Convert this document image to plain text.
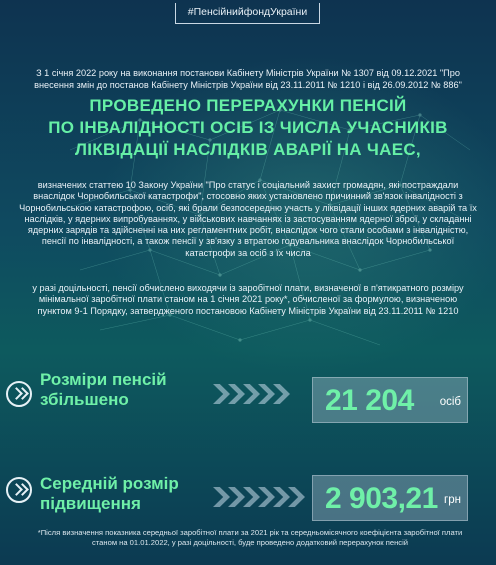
#ПенсійнийфондУкраїни
З 1 січня 2022 року на виконання постанови Кабінету Міністрів України № 1307 від 09.12.2021 "Про внесення змін до постанов Кабінету Міністрів України від 23.11.2011 № 1210 і від 26.09.2012 № 886"
ПРОВЕДЕНО ПЕРЕРАХУНКИ ПЕНСІЙ
ПО ІНВАЛІДНОСТІ ОСІБ ІЗ ЧИСЛА УЧАСНИКІВ
ЛІКВІДАЦІЇ НАСЛІДКІВ АВАРІЇ НА ЧАЕС,
визначених статтею 10 Закону України "Про статус і соціальний захист громадян, які постраждали внаслідок Чорнобильської катастрофи", стосовно яких установлено причинний зв'язок інвалідності з Чорнобильською катастрофою, осіб, які брали безпосередню участь у ліквідації інших ядерних аварій та їх наслідків, у ядерних випробуваннях, у військових навчаннях із застосуванням ядерної зброї, у складанні ядерних зарядів та здійсненні на них регламентних робіт, внаслідок чого стали особами з інвалідністю, пенсії по інвалідності, а також пенсії у зв'язку з втратою годувальника внаслідок Чорнобильської катастрофи за осіб з їх числа
у разі доцільності, пенсії обчислено виходячи із заробітної плати, визначеної в п'ятикратного розміру мінімальної заробітної плати станом на 1 січня 2021 року*, обчисленої за формулою, визначеною пунктом 9-1 Порядку, затвердженого постановою Кабінету Міністрів України від 23.11.2011 № 1210
Розміри пенсій
збільшено	21 204 осіб
Середній розмір
підвищення	2 903,21 грн
*Після визначення показника середньої заробітної плати за 2021 рік та середньомісячного коефіцієнта заробітної плати станом на 01.01.2022, у разі доцільності, буде проведено додатковий перерахунок пенсій
